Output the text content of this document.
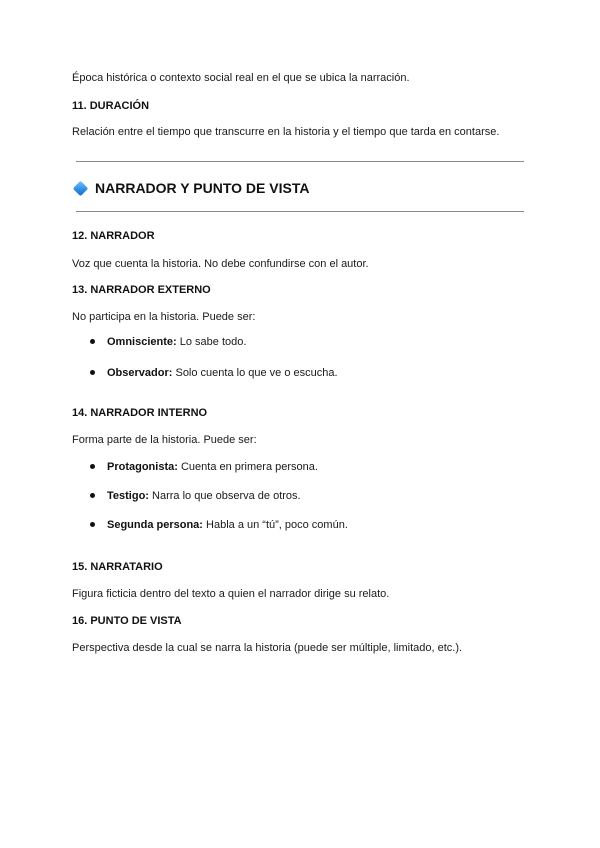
Época histórica o contexto social real en el que se ubica la narración.
11. DURACIÓN
Relación entre el tiempo que transcurre en la historia y el tiempo que tarda en contarse.
NARRADOR Y PUNTO DE VISTA
12. NARRADOR
Voz que cuenta la historia. No debe confundirse con el autor.
13. NARRADOR EXTERNO
No participa en la historia. Puede ser:
Omnisciente: Lo sabe todo.
Observador: Solo cuenta lo que ve o escucha.
14. NARRADOR INTERNO
Forma parte de la historia. Puede ser:
Protagonista: Cuenta en primera persona.
Testigo: Narra lo que observa de otros.
Segunda persona: Habla a un “tú”, poco común.
15. NARRATARIO
Figura ficticia dentro del texto a quien el narrador dirige su relato.
16. PUNTO DE VISTA
Perspectiva desde la cual se narra la historia (puede ser múltiple, limitado, etc.).
